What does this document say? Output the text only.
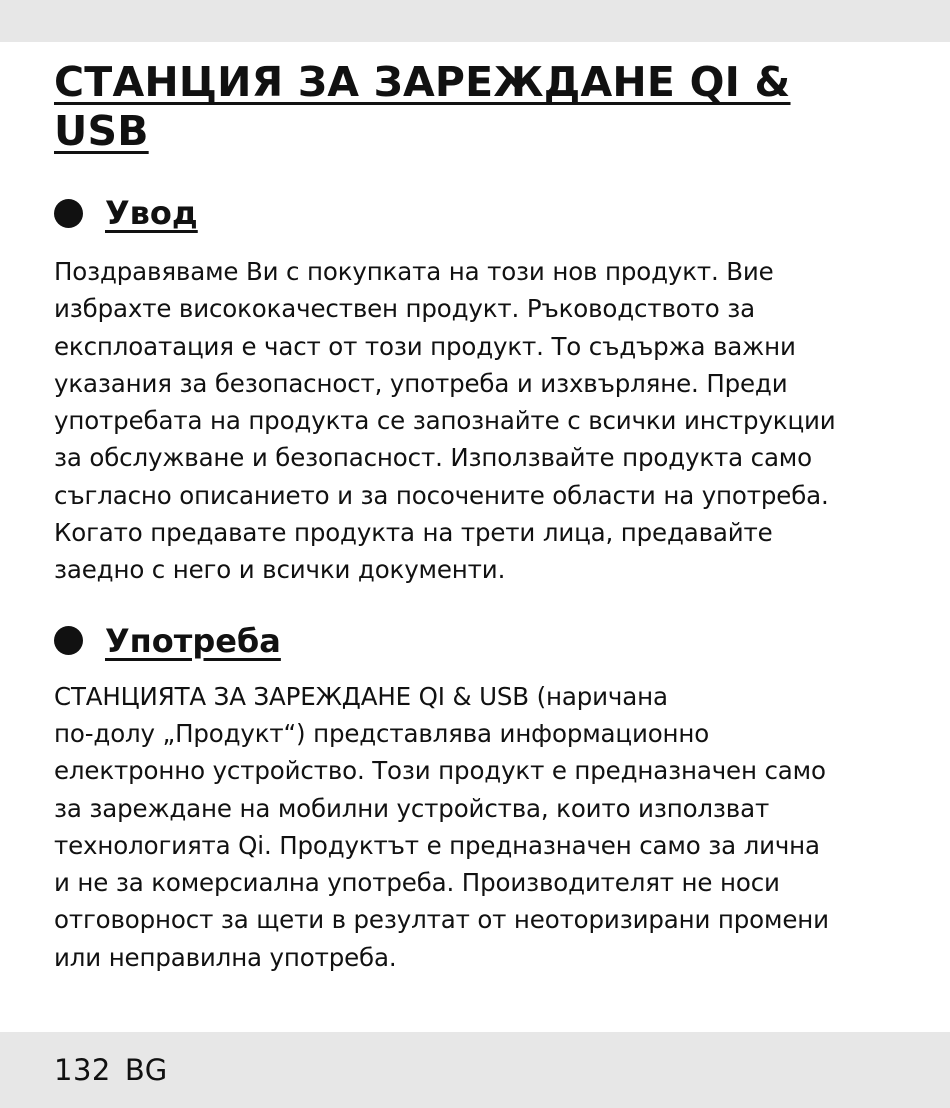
СТАНЦИЯ ЗА ЗАРЕЖДАНЕ QI &
USB
Увод

Поздравяваме Ви с покупката на този нов продукт. Вие
избрахте висококачествен продукт. Ръководството за
експлоатация е част от този продукт. То съдържа важни
указания за безопасност, употреба и изхвърляне. Преди
употребата на продукта се запознайте с всички инструкции
за обслужване и безопасност. Използвайте продукта само
съгласно описанието и за посочените области на употреба.
Когато предавате продукта на трети лица, предавайте
заедно с него и всички документи.

Употреба

СТАНЦИЯТА ЗА ЗАРЕЖДАНЕ QI & USB (наричана
по-долу „Продукт“) представлява информационно
електронно устройство. Този продукт е предназначен само
за зареждане на мобилни устройства, които използват
технологията Qi. Продуктът е предназначен само за лична
и не за комерсиална употреба. Производителят не носи
отговорност за щети в резултат от неоторизирани промени
или неправилна употреба.

132 BG
